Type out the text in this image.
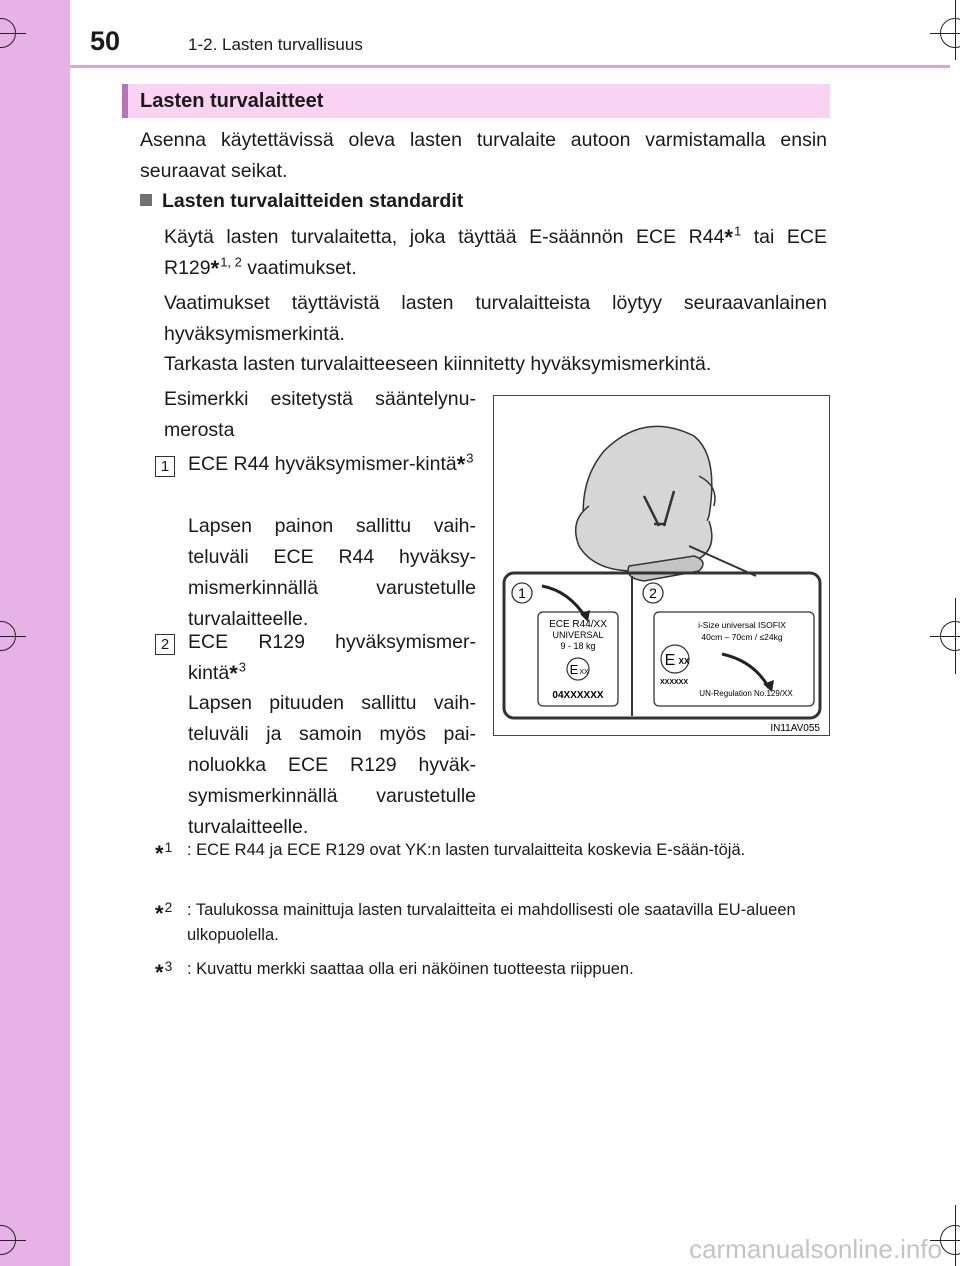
50	1-2. Lasten turvallisuus
Lasten turvalaitteet
Asenna käytettävissä oleva lasten turvalaite autoon varmistamalla ensin seuraavat seikat.
Lasten turvalaitteiden standardit
Käytä lasten turvalaitetta, joka täyttää E-säännön ECE R44*$^1$ tai ECE R129*$^{1, 2}$ vaatimukset.
Vaatimukset täyttävistä lasten turvalaitteista löytyy seuraavanlainen hyväksymismerkintä.
Tarkasta lasten turvalaitteeseen kiinnitetty hyväksymismerkintä.
Esimerkki esitetystä sääntelynu-merosta
1 ECE R44 hyväksymismer-kintä*$^3$
Lapsen painon sallittu vaih-teluväli ECE R44 hyväksy-mismerkinnällä varustetulle turvalaitteelle.
2 ECE R129 hyväksymismer-kintä*$^3$
Lapsen pituuden sallittu vaih-teluväli ja samoin myös pai-noluokka ECE R129 hyväk-symismerkinnällä varustetulle turvalaitteelle.
1	2
ECE R44/XX
UNIVERSAL
9 - 18 kg
E XX
04XXXXXX
i-Size universal ISOFIX
40cm – 70cm / ≤24kg
E XX
XXXXXX
UN-Regulation No.129/XX
IN11AV055
*$^1$ : ECE R44 ja ECE R129 ovat YK:n lasten turvalaitteita koskevia E-sään-töjä.
*$^2$ : Taulukossa mainittuja lasten turvalaitteita ei mahdollisesti ole saatavilla EU-alueen ulkopuolella.
*$^3$ : Kuvattu merkki saattaa olla eri näköinen tuotteesta riippuen.
carmanualsonline.info
